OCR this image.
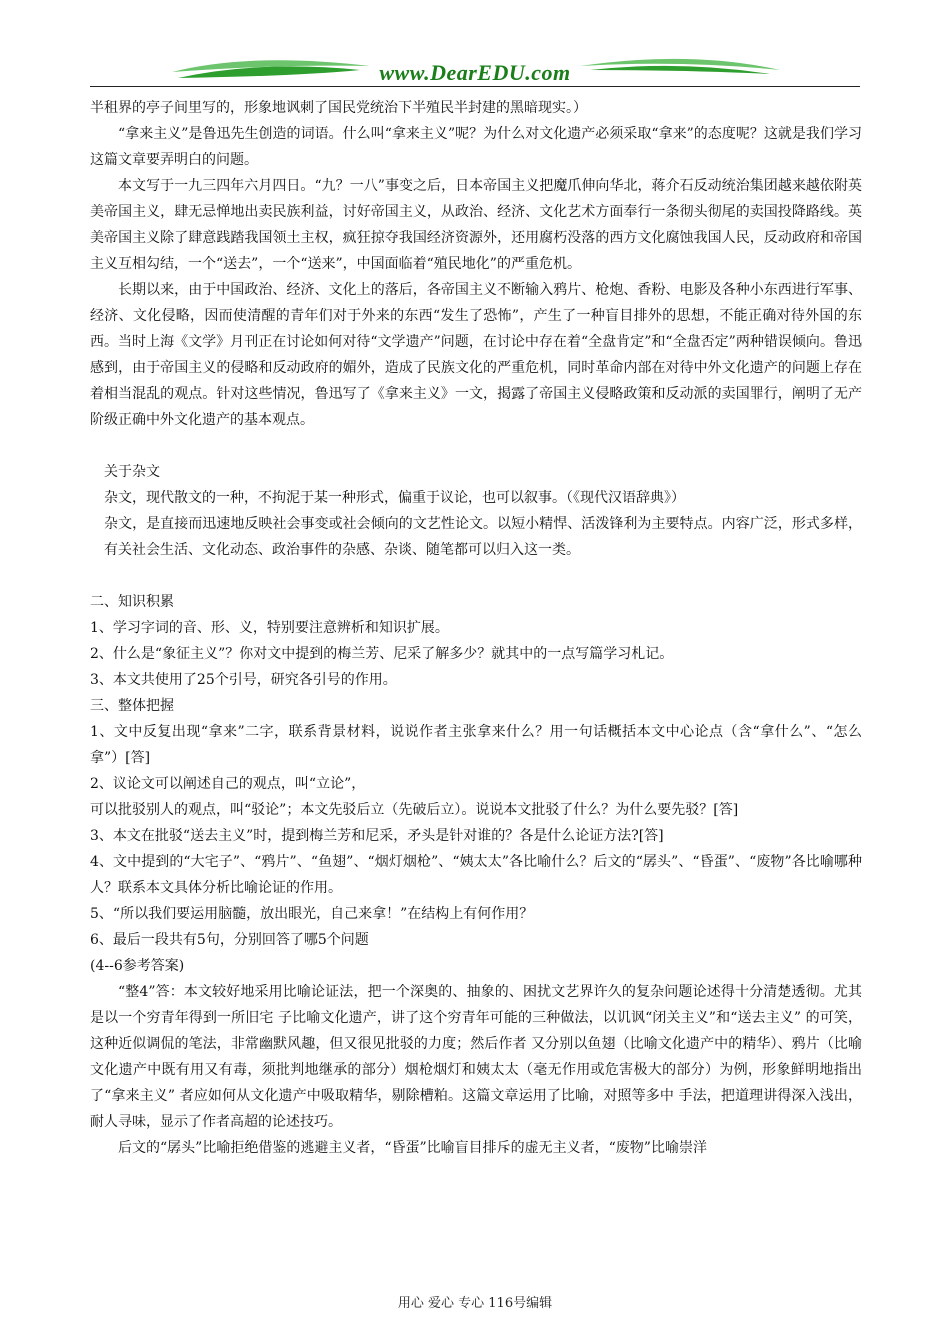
www.DearEDU.com

半租界的亭子间里写的，形象地讽刺了国民党统治下半殖民半封建的黑暗现实。）

“拿来主义”是鲁迅先生创造的词语。什么叫“拿来主义”呢？为什么对文化遗产必须采取“拿来”的态度呢？这就是我们学习这篇文章要弄明白的问题。

本文写于一九三四年六月四日。“九？一八”事变之后，日本帝国主义把魔爪伸向华北，蒋介石反动统治集团越来越依附英美帝国主义，肆无忌惮地出卖民族利益，讨好帝国主义，从政治、经济、文化艺术方面奉行一条彻头彻尾的卖国投降路线。英美帝国主义除了肆意践踏我国领土主权，疯狂掠夺我国经济资源外，还用腐朽没落的西方文化腐蚀我国人民，反动政府和帝国主义互相勾结，一个“送去”，一个“送来”，中国面临着“殖民地化”的严重危机。

长期以来，由于中国政治、经济、文化上的落后，各帝国主义不断输入鸦片、枪炮、香粉、电影及各种小东西进行军事、经济、文化侵略，因而使清醒的青年们对于外来的东西“发生了恐怖”，产生了一种盲目排外的思想，不能正确对待外国的东西。当时上海《文学》月刊正在讨论如何对待“文学遗产”问题，在讨论中存在着“全盘肯定”和“全盘否定”两种错误倾向。鲁迅感到，由于帝国主义的侵略和反动政府的媚外，造成了民族文化的严重危机，同时革命内部在对待中外文化遗产的问题上存在着相当混乱的观点。针对这些情况，鲁迅写了《拿来主义》一文，揭露了帝国主义侵略政策和反动派的卖国罪行，阐明了无产阶级正确中外文化遗产的基本观点。

关于杂文

杂文，现代散文的一种，不拘泥于某一种形式，偏重于议论，也可以叙事。（《现代汉语辞典》）

杂文，是直接而迅速地反映社会事变或社会倾向的文艺性论文。以短小精悍、活泼锋利为主要特点。内容广泛，形式多样，有关社会生活、文化动态、政治事件的杂感、杂谈、随笔都可以归入这一类。

二、知识积累

1、学习字词的音、形、义，特别要注意辨析和知识扩展。

2、什么是“象征主义”？你对文中提到的梅兰芳、尼采了解多少？就其中的一点写篇学习札记。

3、本文共使用了25个引号，研究各引号的作用。

三、整体把握

1、文中反复出现“拿来”二字，联系背景材料，说说作者主张拿来什么？用一句话概括本文中心论点（含“拿什么”、“怎么拿”）[答]

2、议论文可以阐述自己的观点，叫“立论”，

可以批驳别人的观点，叫“驳论”；本文先驳后立（先破后立）。说说本文批驳了什么？为什么要先驳？[答]

3、本文在批驳“送去主义”时，提到梅兰芳和尼采，矛头是针对谁的？各是什么论证方法?[答]

4、文中提到的“大宅子”、“鸦片”、“鱼翅”、“烟灯烟枪”、“姨太太”各比喻什么？后文的“孱头”、“昏蛋”、“废物”各比喻哪种人？联系本文具体分析比喻论证的作用。

5、“所以我们要运用脑髓，放出眼光，自己来拿！”在结构上有何作用？

6、最后一段共有5句，分别回答了哪5个问题

(4--6参考答案)

“整4”答：本文较好地采用比喻论证法，把一个深奥的、抽象的、困扰文艺界许久的复杂问题论述得十分清楚透彻。尤其是以一个穷青年得到一所旧宅 子比喻文化遗产，讲了这个穷青年可能的三种做法，以讥讽“闭关主义”和“送去主义” 的可笑，这种近似调侃的笔法，非常幽默风趣，但又很见批驳的力度；然后作者 又分别以鱼翅（比喻文化遗产中的精华）、鸦片（比喻文化遗产中既有用又有毒，须批判地继承的部分）烟枪烟灯和姨太太（毫无作用或危害极大的部分）为例，形象鲜明地指出了“拿来主义” 者应如何从文化遗产中吸取精华，剔除槽粕。这篇文章运用了比喻，对照等多中 手法，把道理讲得深入浅出，耐人寻味，显示了作者高超的论述技巧。

后文的“孱头”比喻拒绝借鉴的逃避主义者，“昏蛋”比喻盲目排斥的虚无主义者，“废物”比喻崇洋

用心 爱心 专心 116号编辑
